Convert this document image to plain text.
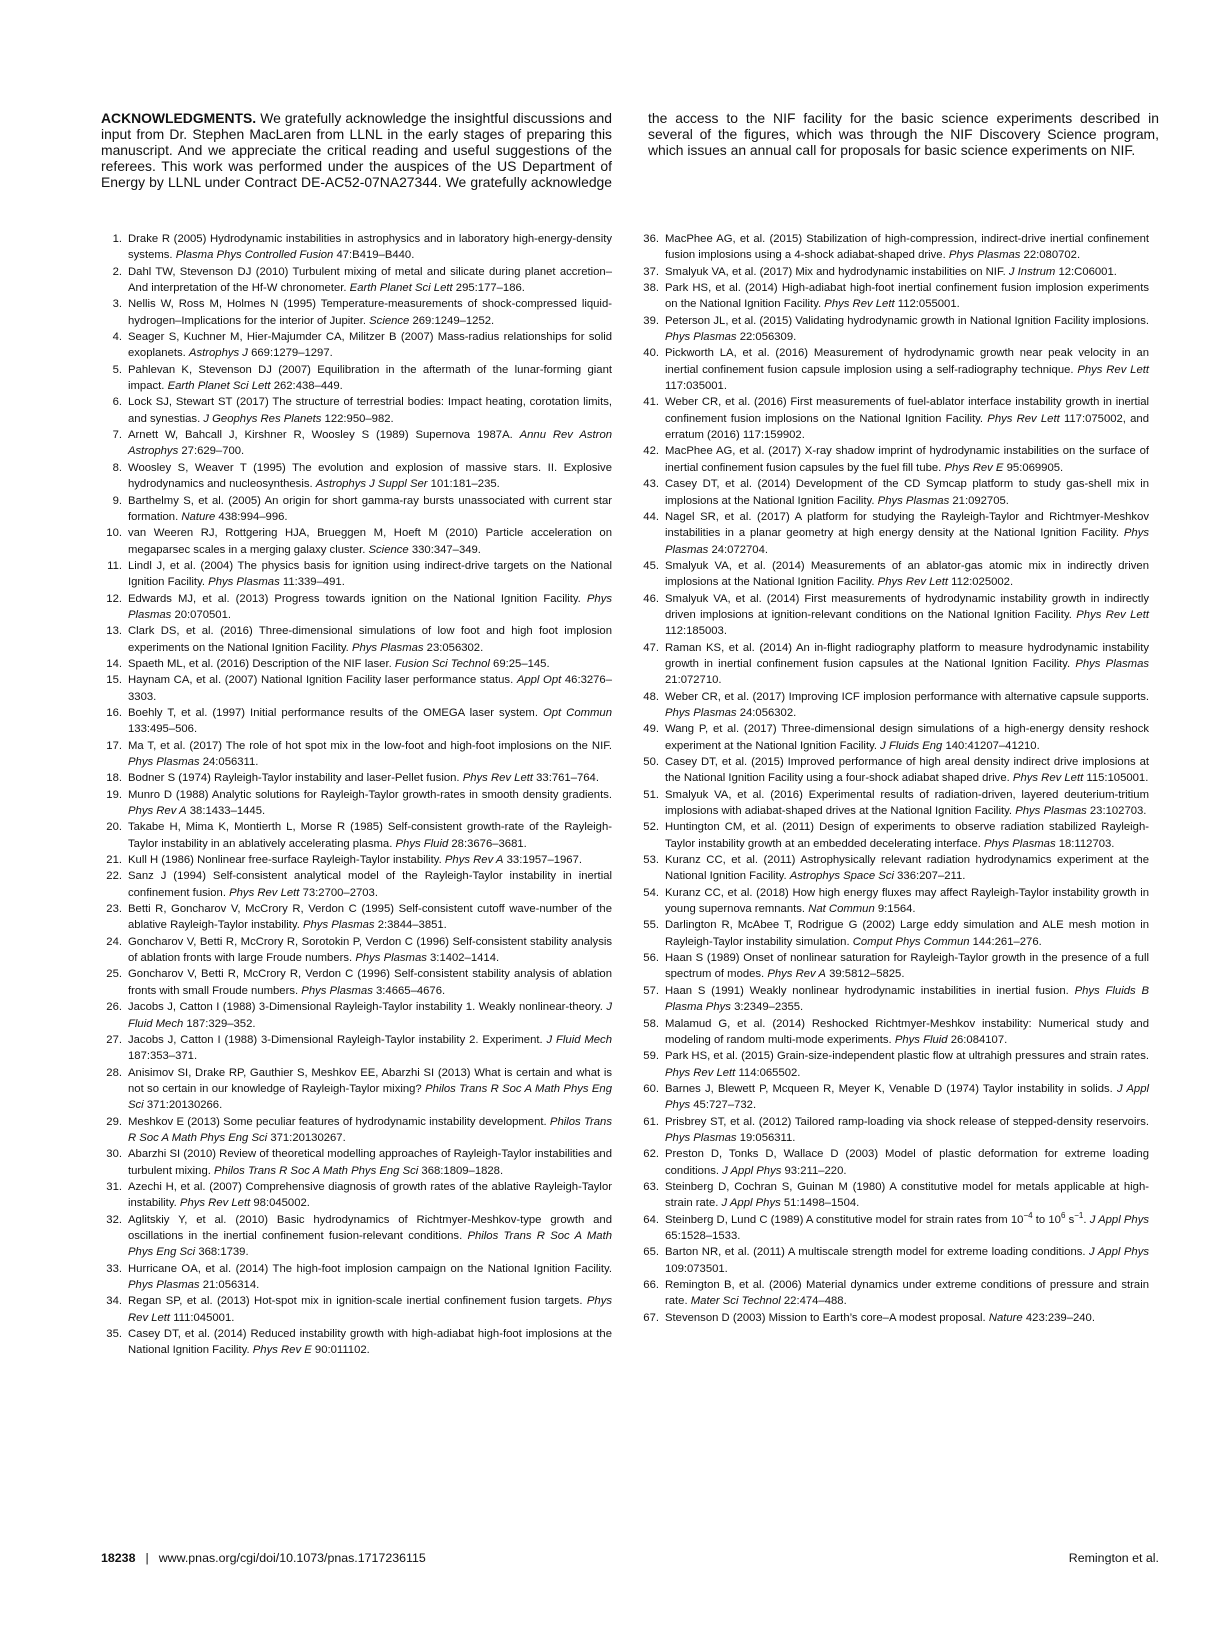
ACKNOWLEDGMENTS. We gratefully acknowledge the insightful discussions and input from Dr. Stephen MacLaren from LLNL in the early stages of preparing this manuscript. And we appreciate the critical reading and useful suggestions of the referees. This work was performed under the auspices of the US Department of Energy by LLNL under Contract DE-AC52-07NA27344. We gratefully acknowledge the access to the NIF facility for the basic science experiments described in several of the figures, which was through the NIF Discovery Science program, which issues an annual call for proposals for basic science experiments on NIF.
1. Drake R (2005) Hydrodynamic instabilities in astrophysics and in laboratory high-energy-density systems. Plasma Phys Controlled Fusion 47:B419–B440.
2. Dahl TW, Stevenson DJ (2010) Turbulent mixing of metal and silicate during planet accretion–And interpretation of the Hf-W chronometer. Earth Planet Sci Lett 295:177–186.
3. Nellis W, Ross M, Holmes N (1995) Temperature-measurements of shock-compressed liquid-hydrogen–Implications for the interior of Jupiter. Science 269:1249–1252.
4. Seager S, Kuchner M, Hier-Majumder CA, Militzer B (2007) Mass-radius relationships for solid exoplanets. Astrophys J 669:1279–1297.
5. Pahlevan K, Stevenson DJ (2007) Equilibration in the aftermath of the lunar-forming giant impact. Earth Planet Sci Lett 262:438–449.
6. Lock SJ, Stewart ST (2017) The structure of terrestrial bodies: Impact heating, corotation limits, and synestias. J Geophys Res Planets 122:950–982.
7. Arnett W, Bahcall J, Kirshner R, Woosley S (1989) Supernova 1987A. Annu Rev Astron Astrophys 27:629–700.
8. Woosley S, Weaver T (1995) The evolution and explosion of massive stars. II. Explosive hydrodynamics and nucleosynthesis. Astrophys J Suppl Ser 101:181–235.
9. Barthelmy S, et al. (2005) An origin for short gamma-ray bursts unassociated with current star formation. Nature 438:994–996.
10. van Weeren RJ, Rottgering HJA, Brueggen M, Hoeft M (2010) Particle acceleration on megaparsec scales in a merging galaxy cluster. Science 330:347–349.
11. Lindl J, et al. (2004) The physics basis for ignition using indirect-drive targets on the National Ignition Facility. Phys Plasmas 11:339–491.
12. Edwards MJ, et al. (2013) Progress towards ignition on the National Ignition Facility. Phys Plasmas 20:070501.
13. Clark DS, et al. (2016) Three-dimensional simulations of low foot and high foot implosion experiments on the National Ignition Facility. Phys Plasmas 23:056302.
14. Spaeth ML, et al. (2016) Description of the NIF laser. Fusion Sci Technol 69:25–145.
15. Haynam CA, et al. (2007) National Ignition Facility laser performance status. Appl Opt 46:3276–3303.
16. Boehly T, et al. (1997) Initial performance results of the OMEGA laser system. Opt Commun 133:495–506.
17. Ma T, et al. (2017) The role of hot spot mix in the low-foot and high-foot implosions on the NIF. Phys Plasmas 24:056311.
18. Bodner S (1974) Rayleigh-Taylor instability and laser-Pellet fusion. Phys Rev Lett 33:761–764.
19. Munro D (1988) Analytic solutions for Rayleigh-Taylor growth-rates in smooth density gradients. Phys Rev A 38:1433–1445.
20. Takabe H, Mima K, Montierth L, Morse R (1985) Self-consistent growth-rate of the Rayleigh-Taylor instability in an ablatively accelerating plasma. Phys Fluid 28:3676–3681.
21. Kull H (1986) Nonlinear free-surface Rayleigh-Taylor instability. Phys Rev A 33:1957–1967.
22. Sanz J (1994) Self-consistent analytical model of the Rayleigh-Taylor instability in inertial confinement fusion. Phys Rev Lett 73:2700–2703.
23. Betti R, Goncharov V, McCrory R, Verdon C (1995) Self-consistent cutoff wave-number of the ablative Rayleigh-Taylor instability. Phys Plasmas 2:3844–3851.
24. Goncharov V, Betti R, McCrory R, Sorotokin P, Verdon C (1996) Self-consistent stability analysis of ablation fronts with large Froude numbers. Phys Plasmas 3:1402–1414.
25. Goncharov V, Betti R, McCrory R, Verdon C (1996) Self-consistent stability analysis of ablation fronts with small Froude numbers. Phys Plasmas 3:4665–4676.
26. Jacobs J, Catton I (1988) 3-Dimensional Rayleigh-Taylor instability 1. Weakly nonlinear-theory. J Fluid Mech 187:329–352.
27. Jacobs J, Catton I (1988) 3-Dimensional Rayleigh-Taylor instability 2. Experiment. J Fluid Mech 187:353–371.
28. Anisimov SI, Drake RP, Gauthier S, Meshkov EE, Abarzhi SI (2013) What is certain and what is not so certain in our knowledge of Rayleigh-Taylor mixing? Philos Trans R Soc A Math Phys Eng Sci 371:20130266.
29. Meshkov E (2013) Some peculiar features of hydrodynamic instability development. Philos Trans R Soc A Math Phys Eng Sci 371:20130267.
30. Abarzhi SI (2010) Review of theoretical modelling approaches of Rayleigh-Taylor instabilities and turbulent mixing. Philos Trans R Soc A Math Phys Eng Sci 368:1809–1828.
31. Azechi H, et al. (2007) Comprehensive diagnosis of growth rates of the ablative Rayleigh-Taylor instability. Phys Rev Lett 98:045002.
32. Aglitskiy Y, et al. (2010) Basic hydrodynamics of Richtmyer-Meshkov-type growth and oscillations in the inertial confinement fusion-relevant conditions. Philos Trans R Soc A Math Phys Eng Sci 368:1739.
33. Hurricane OA, et al. (2014) The high-foot implosion campaign on the National Ignition Facility. Phys Plasmas 21:056314.
34. Regan SP, et al. (2013) Hot-spot mix in ignition-scale inertial confinement fusion targets. Phys Rev Lett 111:045001.
35. Casey DT, et al. (2014) Reduced instability growth with high-adiabat high-foot implosions at the National Ignition Facility. Phys Rev E 90:011102.
36. MacPhee AG, et al. (2015) Stabilization of high-compression, indirect-drive inertial confinement fusion implosions using a 4-shock adiabat-shaped drive. Phys Plasmas 22:080702.
37. Smalyuk VA, et al. (2017) Mix and hydrodynamic instabilities on NIF. J Instrum 12:C06001.
38. Park HS, et al. (2014) High-adiabat high-foot inertial confinement fusion implosion experiments on the National Ignition Facility. Phys Rev Lett 112:055001.
39. Peterson JL, et al. (2015) Validating hydrodynamic growth in National Ignition Facility implosions. Phys Plasmas 22:056309.
40. Pickworth LA, et al. (2016) Measurement of hydrodynamic growth near peak velocity in an inertial confinement fusion capsule implosion using a self-radiography technique. Phys Rev Lett 117:035001.
41. Weber CR, et al. (2016) First measurements of fuel-ablator interface instability growth in inertial confinement fusion implosions on the National Ignition Facility. Phys Rev Lett 117:075002, and erratum (2016) 117:159902.
42. MacPhee AG, et al. (2017) X-ray shadow imprint of hydrodynamic instabilities on the surface of inertial confinement fusion capsules by the fuel fill tube. Phys Rev E 95:069905.
43. Casey DT, et al. (2014) Development of the CD Symcap platform to study gas-shell mix in implosions at the National Ignition Facility. Phys Plasmas 21:092705.
44. Nagel SR, et al. (2017) A platform for studying the Rayleigh-Taylor and Richtmyer-Meshkov instabilities in a planar geometry at high energy density at the National Ignition Facility. Phys Plasmas 24:072704.
45. Smalyuk VA, et al. (2014) Measurements of an ablator-gas atomic mix in indirectly driven implosions at the National Ignition Facility. Phys Rev Lett 112:025002.
46. Smalyuk VA, et al. (2014) First measurements of hydrodynamic instability growth in indirectly driven implosions at ignition-relevant conditions on the National Ignition Facility. Phys Rev Lett 112:185003.
47. Raman KS, et al. (2014) An in-flight radiography platform to measure hydrodynamic instability growth in inertial confinement fusion capsules at the National Ignition Facility. Phys Plasmas 21:072710.
48. Weber CR, et al. (2017) Improving ICF implosion performance with alternative capsule supports. Phys Plasmas 24:056302.
49. Wang P, et al. (2017) Three-dimensional design simulations of a high-energy density reshock experiment at the National Ignition Facility. J Fluids Eng 140:41207–41210.
50. Casey DT, et al. (2015) Improved performance of high areal density indirect drive implosions at the National Ignition Facility using a four-shock adiabat shaped drive. Phys Rev Lett 115:105001.
51. Smalyuk VA, et al. (2016) Experimental results of radiation-driven, layered deuterium-tritium implosions with adiabat-shaped drives at the National Ignition Facility. Phys Plasmas 23:102703.
52. Huntington CM, et al. (2011) Design of experiments to observe radiation stabilized Rayleigh-Taylor instability growth at an embedded decelerating interface. Phys Plasmas 18:112703.
53. Kuranz CC, et al. (2011) Astrophysically relevant radiation hydrodynamics experiment at the National Ignition Facility. Astrophys Space Sci 336:207–211.
54. Kuranz CC, et al. (2018) How high energy fluxes may affect Rayleigh-Taylor instability growth in young supernova remnants. Nat Commun 9:1564.
55. Darlington R, McAbee T, Rodrigue G (2002) Large eddy simulation and ALE mesh motion in Rayleigh-Taylor instability simulation. Comput Phys Commun 144:261–276.
56. Haan S (1989) Onset of nonlinear saturation for Rayleigh-Taylor growth in the presence of a full spectrum of modes. Phys Rev A 39:5812–5825.
57. Haan S (1991) Weakly nonlinear hydrodynamic instabilities in inertial fusion. Phys Fluids B Plasma Phys 3:2349–2355.
58. Malamud G, et al. (2014) Reshocked Richtmyer-Meshkov instability: Numerical study and modeling of random multi-mode experiments. Phys Fluid 26:084107.
59. Park HS, et al. (2015) Grain-size-independent plastic flow at ultrahigh pressures and strain rates. Phys Rev Lett 114:065502.
60. Barnes J, Blewett P, Mcqueen R, Meyer K, Venable D (1974) Taylor instability in solids. J Appl Phys 45:727–732.
61. Prisbrey ST, et al. (2012) Tailored ramp-loading via shock release of stepped-density reservoirs. Phys Plasmas 19:056311.
62. Preston D, Tonks D, Wallace D (2003) Model of plastic deformation for extreme loading conditions. J Appl Phys 93:211–220.
63. Steinberg D, Cochran S, Guinan M (1980) A constitutive model for metals applicable at high-strain rate. J Appl Phys 51:1498–1504.
64. Steinberg D, Lund C (1989) A constitutive model for strain rates from $10^{-4}$ to $10^6$ $s^{-1}$. J Appl Phys 65:1528–1533.
65. Barton NR, et al. (2011) A multiscale strength model for extreme loading conditions. J Appl Phys 109:073501.
66. Remington B, et al. (2006) Material dynamics under extreme conditions of pressure and strain rate. Mater Sci Technol 22:474–488.
67. Stevenson D (2003) Mission to Earth’s core–A modest proposal. Nature 423:239–240.
18238 | www.pnas.org/cgi/doi/10.1073/pnas.1717236115	Remington et al.
